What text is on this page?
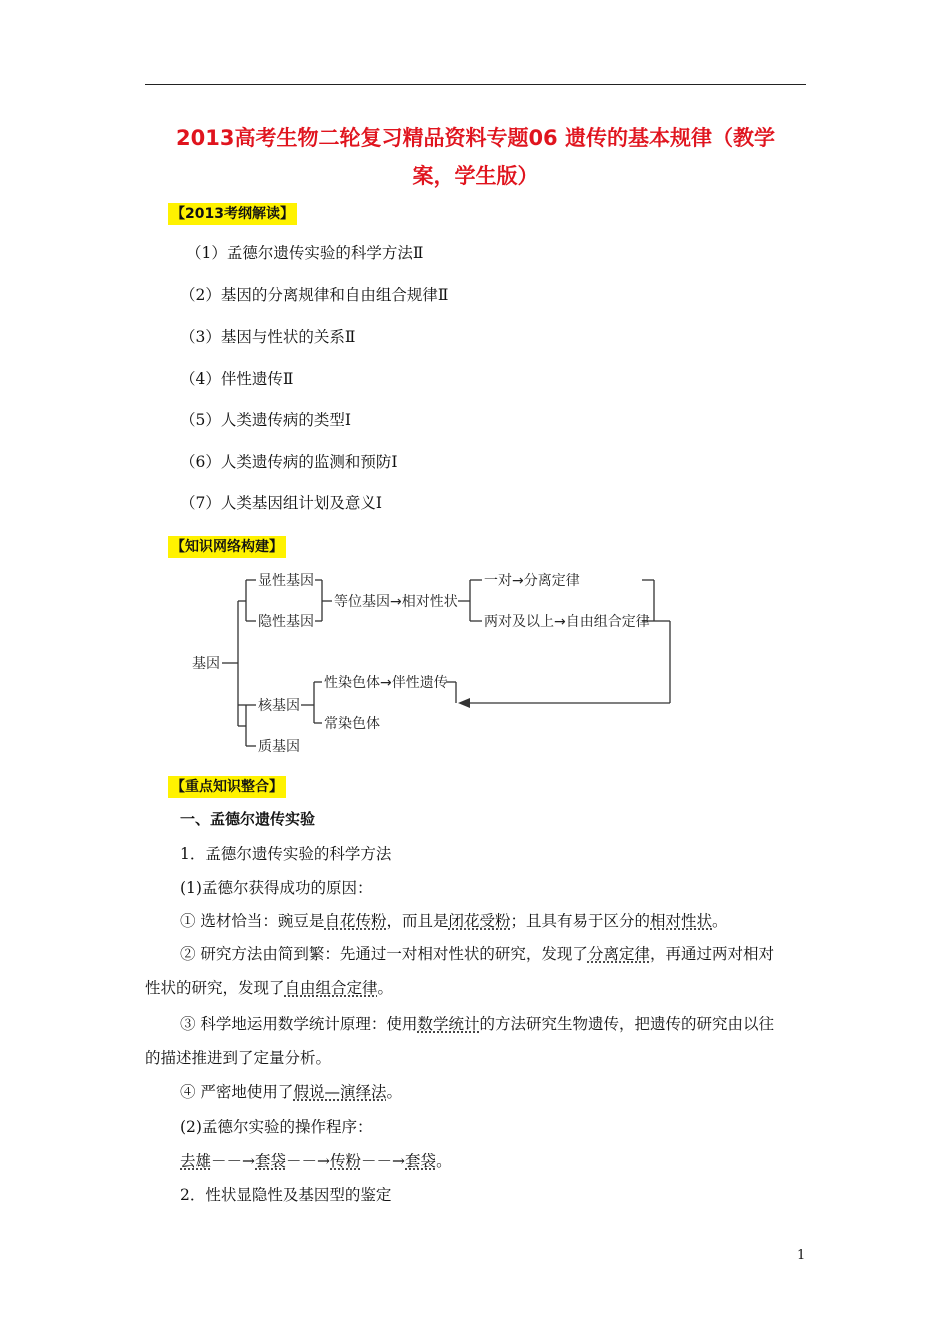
2013高考生物二轮复习精品资料专题06 遗传的基本规律（教学
案，学生版）
【2013考纲解读】
（1）孟德尔遗传实验的科学方法Ⅱ
（2）基因的分离规律和自由组合规律Ⅱ
（3）基因与性状的关系Ⅱ
（4）伴性遗传Ⅱ
（5）人类遗传病的类型Ⅰ
（6）人类遗传病的监测和预防Ⅰ
（7）人类基因组计划及意义Ⅰ
【知识网络构建】
基因
显性基因
隐性基因
等位基因→相对性状
一对→分离定律
两对及以上→自由组合定律
核基因
质基因
性染色体→伴性遗传
常染色体
【重点知识整合】
一、孟德尔遗传实验
1．孟德尔遗传实验的科学方法
(1)孟德尔获得成功的原因：
① 选材恰当：豌豆是自花传粉，而且是闭花受粉；且具有易于区分的相对性状。
② 研究方法由简到繁：先通过一对相对性状的研究，发现了分离定律，再通过两对相对
性状的研究，发现了自由组合定律。
③ 科学地运用数学统计原理：使用数学统计的方法研究生物遗传，把遗传的研究由以往
的描述推进到了定量分析。
④ 严密地使用了假说—演绎法。
(2)孟德尔实验的操作程序：
去雄－－→套袋－－→传粉－－→套袋。
2．性状显隐性及基因型的鉴定
1
